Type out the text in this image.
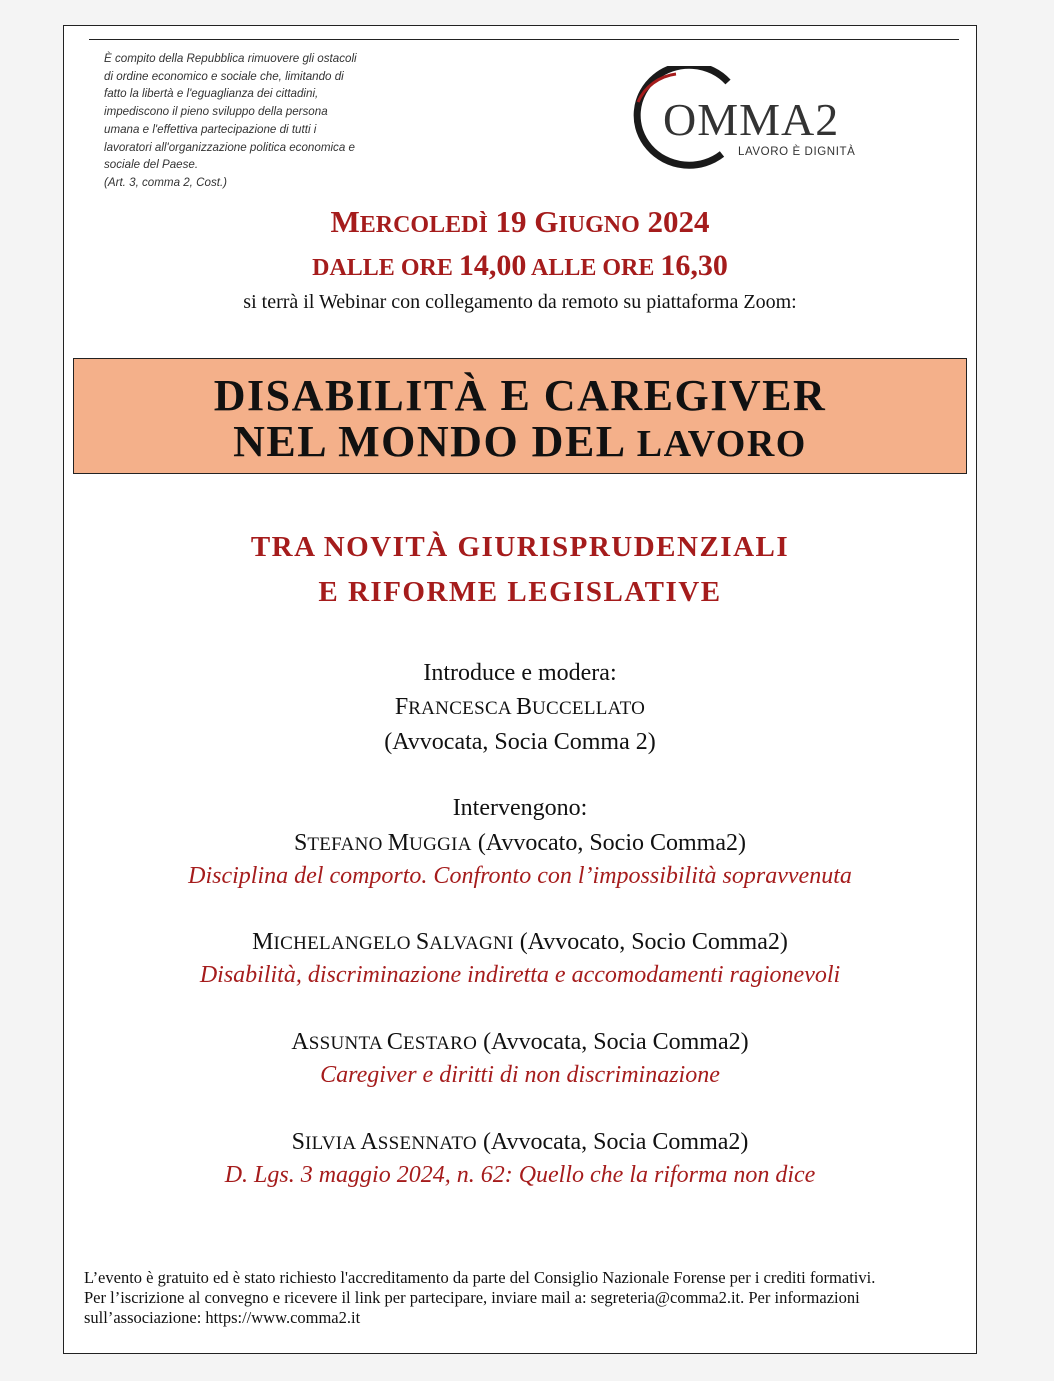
È compito della Repubblica rimuovere gli ostacoli
di ordine economico e sociale che, limitando di
fatto la libertà e l'eguaglianza dei cittadini,
impediscono il pieno sviluppo della persona
umana e l'effettiva partecipazione di tutti i
lavoratori all'organizzazione politica economica e
sociale del Paese.
(Art. 3, comma 2, Cost.)
OMMA2
LAVORO È DIGNITÀ
MERCOLEDÌ 19 GIUGNO 2024
DALLE ORE 14,00 ALLE ORE 16,30
si terrà il Webinar con collegamento da remoto su piattaforma Zoom:
DISABILITÀ E CAREGIVER
NEL MONDO DEL LAVORO
TRA NOVITÀ GIURISPRUDENZIALI
E RIFORME LEGISLATIVE
Introduce e modera:
FRANCESCA BUCCELLATO
(Avvocata, Socia Comma 2)
Intervengono:
STEFANO MUGGIA (Avvocato, Socio Comma2)
Disciplina del comporto. Confronto con l’impossibilità sopravvenuta
MICHELANGELO SALVAGNI (Avvocato, Socio Comma2)
Disabilità, discriminazione indiretta e accomodamenti ragionevoli
ASSUNTA CESTARO (Avvocata, Socia Comma2)
Caregiver e diritti di non discriminazione
SILVIA ASSENNATO (Avvocata, Socia Comma2)
D. Lgs. 3 maggio 2024, n. 62: Quello che la riforma non dice
L’evento è gratuito ed è stato richiesto l'accreditamento da parte del Consiglio Nazionale Forense per i crediti formativi.
Per l’iscrizione al convegno e ricevere il link per partecipare, inviare mail a: segreteria@comma2.it. Per informazioni
sull’associazione: https://www.comma2.it
